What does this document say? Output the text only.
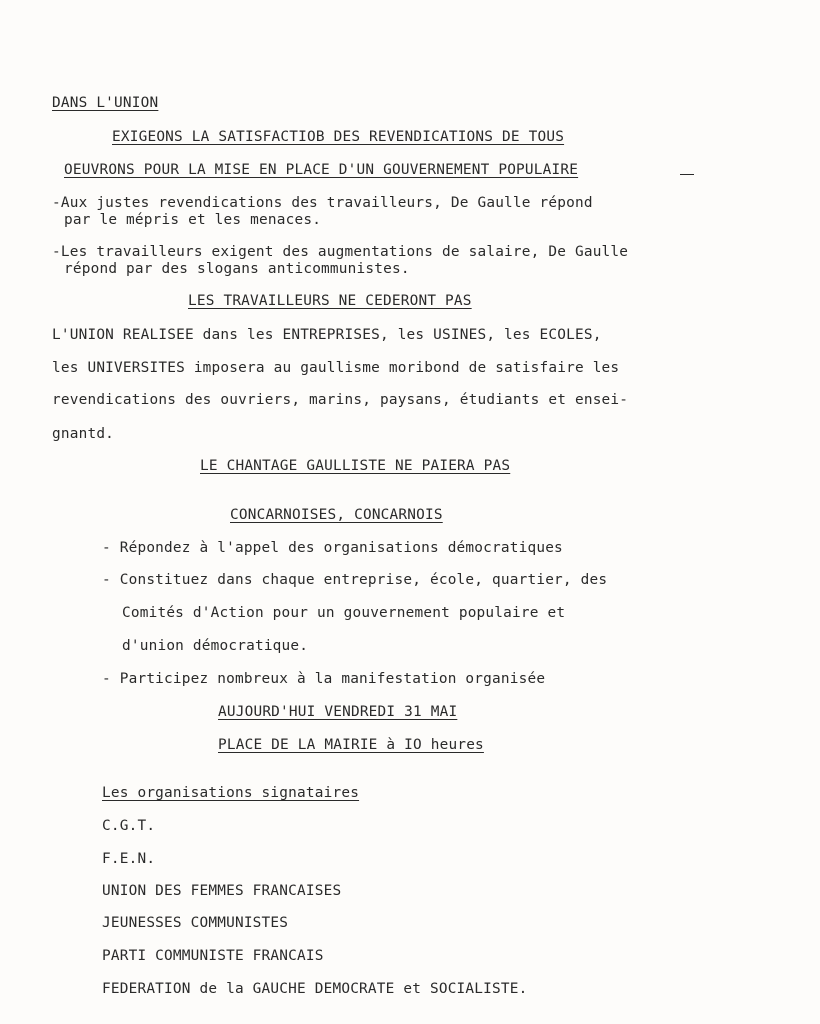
DANS L'UNION
EXIGEONS LA SATISFACTIOB DES REVENDICATIONS DE TOUS
OEUVRONS POUR LA MISE EN PLACE D'UN GOUVERNEMENT POPULAIRE
-Aux justes revendications des travailleurs, De Gaulle répond
par le mépris et les menaces.
-Les travailleurs exigent des augmentations de salaire, De Gaulle
répond par des slogans anticommunistes.
LES TRAVAILLEURS NE CEDERONT PAS
L'UNION REALISEE dans les ENTREPRISES, les USINES, les ECOLES,
les UNIVERSITES imposera au gaullisme moribond de satisfaire les
revendications des ouvriers, marins, paysans, étudiants et ensei-
gnantd.
LE CHANTAGE GAULLISTE NE PAIERA PAS
CONCARNOISES, CONCARNOIS
- Répondez à l'appel des organisations démocratiques
- Constituez dans chaque entreprise, école, quartier, des
Comités d'Action pour un gouvernement populaire et
d'union démocratique.
- Participez nombreux à la manifestation organisée
AUJOURD'HUI VENDREDI 31 MAI
PLACE DE LA MAIRIE à IO heures
Les organisations signataires
C.G.T.
F.E.N.
UNION DES FEMMES FRANCAISES
JEUNESSES COMMUNISTES
PARTI COMMUNISTE FRANCAIS
FEDERATION de la GAUCHE DEMOCRATE et SOCIALISTE.
